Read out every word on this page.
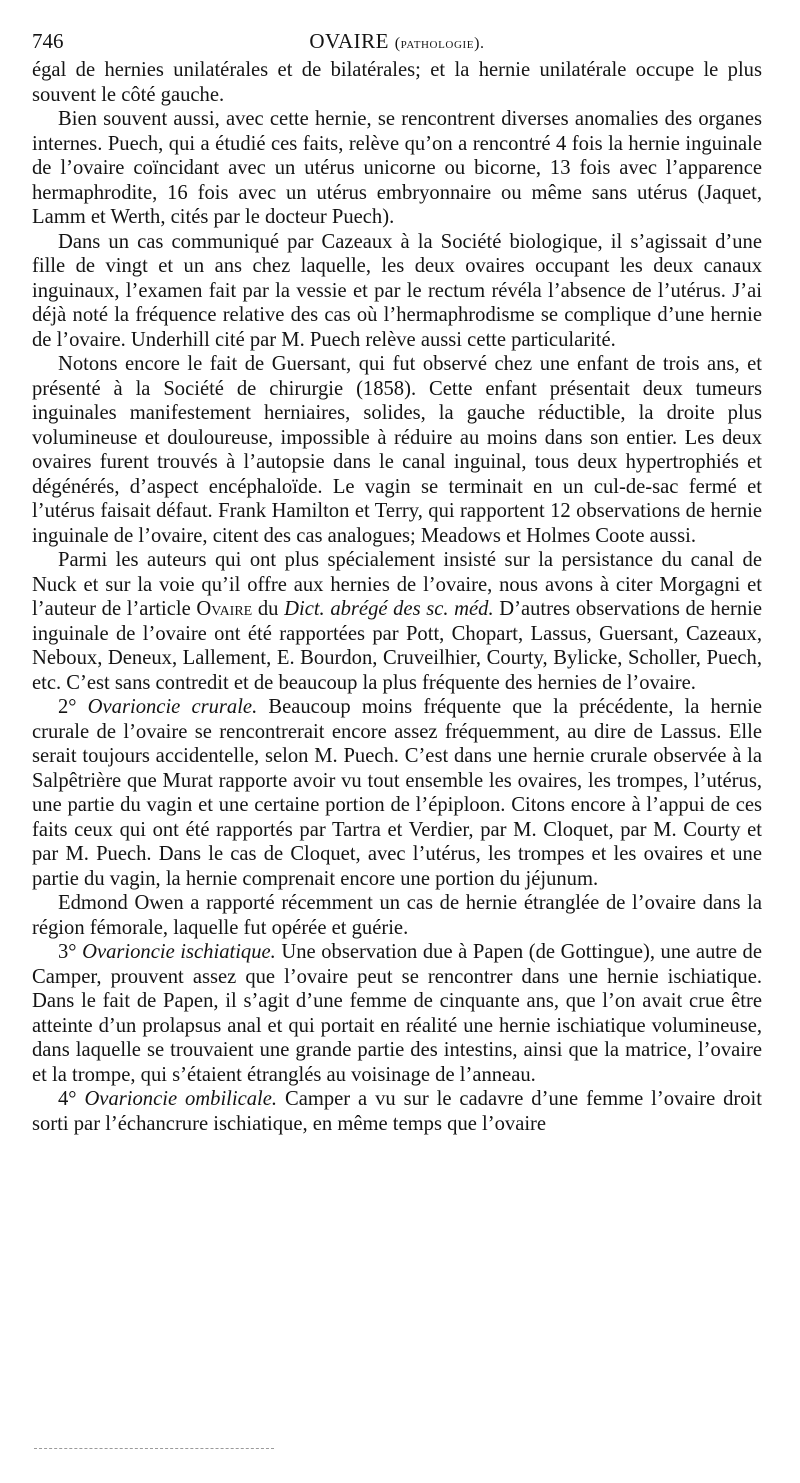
746	OVAIRE (pathologie).

égal de hernies unilatérales et de bilatérales; et la hernie unilatérale occupe le plus souvent le côté gauche.

Bien souvent aussi, avec cette hernie, se rencontrent diverses anomalies des organes internes. Puech, qui a étudié ces faits, relève qu’on a rencontré 4 fois la hernie inguinale de l’ovaire coïncidant avec un utérus unicorne ou bicorne, 13 fois avec l’apparence hermaphrodite, 16 fois avec un utérus embryonnaire ou même sans utérus (Jaquet, Lamm et Werth, cités par le docteur Puech).

Dans un cas communiqué par Cazeaux à la Société biologique, il s’agissait d’une fille de vingt et un ans chez laquelle, les deux ovaires occupant les deux canaux inguinaux, l’examen fait par la vessie et par le rectum révéla l’absence de l’utérus. J’ai déjà noté la fréquence relative des cas où l’hermaphrodisme se complique d’une hernie de l’ovaire. Underhill cité par M. Puech relève aussi cette particularité.

Notons encore le fait de Guersant, qui fut observé chez une enfant de trois ans, et présenté à la Société de chirurgie (1858). Cette enfant présentait deux tumeurs inguinales manifestement herniaires, solides, la gauche réductible, la droite plus volumineuse et douloureuse, impossible à réduire au moins dans son entier. Les deux ovaires furent trouvés à l’autopsie dans le canal inguinal, tous deux hypertrophiés et dégénérés, d’aspect encéphaloïde. Le vagin se terminait en un cul-de-sac fermé et l’utérus faisait défaut. Frank Hamilton et Terry, qui rapportent 12 observations de hernie inguinale de l’ovaire, citent des cas analogues; Meadows et Holmes Coote aussi.

Parmi les auteurs qui ont plus spécialement insisté sur la persistance du canal de Nuck et sur la voie qu’il offre aux hernies de l’ovaire, nous avons à citer Morgagni et l’auteur de l’article Ovaire du Dict. abrégé des sc. méd. D’autres observations de hernie inguinale de l’ovaire ont été rapportées par Pott, Chopart, Lassus, Guersant, Cazeaux, Neboux, Deneux, Lallement, E. Bourdon, Cruveilhier, Courty, Bylicke, Scholler, Puech, etc. C’est sans contredit et de beaucoup la plus fréquente des hernies de l’ovaire.

2° Ovarioncie crurale. Beaucoup moins fréquente que la précédente, la hernie crurale de l’ovaire se rencontrerait encore assez fréquemment, au dire de Lassus. Elle serait toujours accidentelle, selon M. Puech. C’est dans une hernie crurale observée à la Salpêtrière que Murat rapporte avoir vu tout ensemble les ovaires, les trompes, l’utérus, une partie du vagin et une certaine portion de l’épiploon. Citons encore à l’appui de ces faits ceux qui ont été rapportés par Tartra et Verdier, par M. Cloquet, par M. Courty et par M. Puech. Dans le cas de Cloquet, avec l’utérus, les trompes et les ovaires et une partie du vagin, la hernie comprenait encore une portion du jéjunum.

Edmond Owen a rapporté récemment un cas de hernie étranglée de l’ovaire dans la région fémorale, laquelle fut opérée et guérie.

3° Ovarioncie ischiatique. Une observation due à Papen (de Gottingue), une autre de Camper, prouvent assez que l’ovaire peut se rencontrer dans une hernie ischiatique. Dans le fait de Papen, il s’agit d’une femme de cinquante ans, que l’on avait crue être atteinte d’un prolapsus anal et qui portait en réalité une hernie ischiatique volumineuse, dans laquelle se trouvaient une grande partie des intestins, ainsi que la matrice, l’ovaire et la trompe, qui s’étaient étranglés au voisinage de l’anneau.

4° Ovarioncie ombilicale. Camper a vu sur le cadavre d’une femme l’ovaire droit sorti par l’échancrure ischiatique, en même temps que l’ovaire
